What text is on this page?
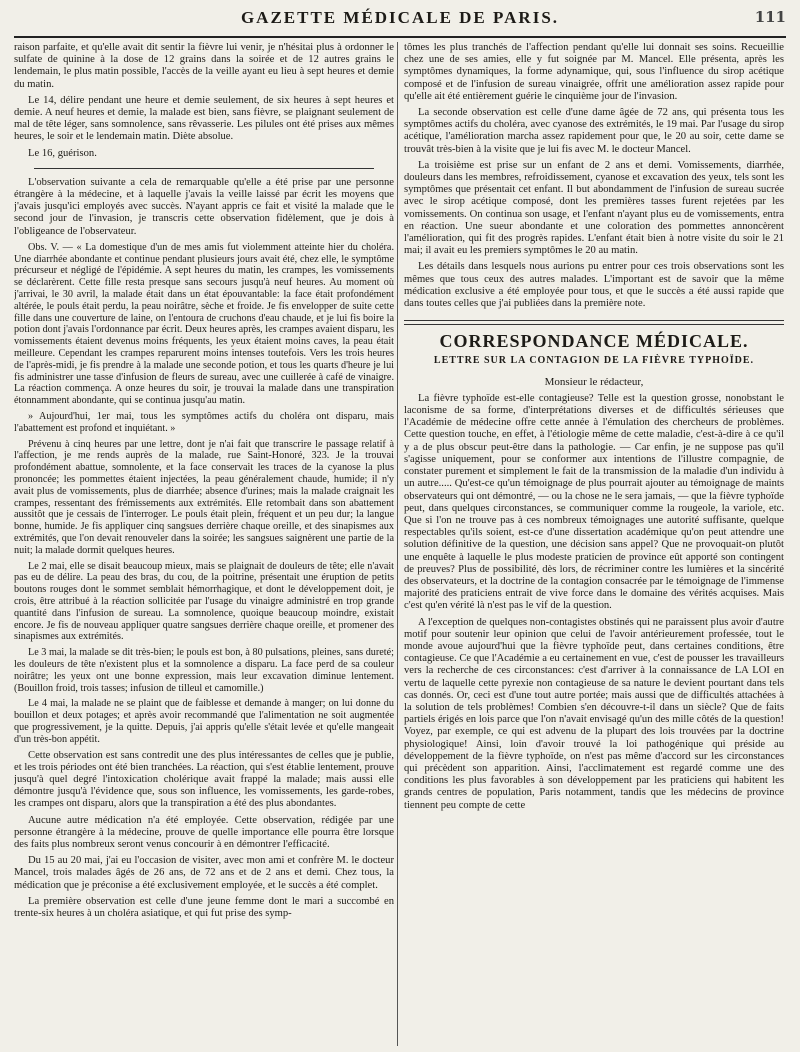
GAZETTE MÉDICALE DE PARIS.	111

raison parfaite, et qu'elle avait dit sentir la fièvre lui venir, je n'hésitai plus à ordonner le sulfate de quinine à la dose de 12 grains dans la soirée et de 12 autres grains le lendemain, le plus matin possible, l'accès de la veille ayant eu lieu à sept heures et demie du matin.

Le 14, délire pendant une heure et demie seulement, de six heures à sept heures et demie. A neuf heures et demie, la malade est bien, sans fièvre, se plaignant seulement de mal de tête léger, sans somnolence, sans rêvasserie. Les pilules ont été prises aux mêmes heures, le soir et le lendemain matin. Diète absolue.

Le 16, guérison.

L'observation suivante a cela de remarquable qu'elle a été prise par une personne étrangère à la médecine, et à laquelle j'avais la veille laissé par écrit les moyens que j'avais jusqu'ici employés avec succès. N'ayant appris ce fait et visité la malade que le second jour de l'invasion, je transcris cette observation fidèlement, que je dois à l'obligeance de l'observateur.

Obs. V. — « La domestique d'un de mes amis fut violemment atteinte hier du choléra. Une diarrhée abondante et continue pendant plusieurs jours avait été, chez elle, le symptôme précurseur et négligé de l'épidémie. A sept heures du matin, les crampes, les vomissements se déclarèrent. Cette fille resta presque sans secours jusqu'à neuf heures. Au moment où j'arrivai, le 30 avril, la malade était dans un état épouvantable: la face était profondément altérée, le pouls était perdu, la peau noirâtre, sèche et froide. Je fis envelopper de suite cette fille dans une couverture de laine, on l'entoura de cruchons d'eau chaude, et je lui fis boire la potion dont j'avais l'ordonnance par écrit. Deux heures après, les crampes avaient disparu, les vomissements étaient devenus moins fréquents, les yeux étaient moins caves, la peau était meilleure. Cependant les crampes reparurent moins intenses toutefois. Vers les trois heures de l'après-midi, je fis prendre à la malade une seconde potion, et tous les quarts d'heure je lui fis administrer une tasse d'infusion de fleurs de sureau, avec une cuillerée à café de vinaigre. La réaction commença. A onze heures du soir, je trouvai la malade dans une transpiration étonnamment abondante, qui se continua jusqu'au matin.

» Aujourd'hui, 1er mai, tous les symptômes actifs du choléra ont disparu, mais l'abattement est profond et inquiétant. »

Prévenu à cinq heures par une lettre, dont je n'ai fait que transcrire le passage relatif à l'affection, je me rends auprès de la malade, rue Saint-Honoré, 323. Je la trouvai profondément abattue, somnolente, et la face conservait les traces de la cyanose la plus prononcée; les pommettes étaient injectées, la peau généralement chaude, humide; il n'y avait plus de vomissements, plus de diarrhée; absence d'urines; mais la malade craignait les crampes, ressentant des frémissements aux extrémités. Elle retombait dans son abattement aussitôt que je cessais de l'interroger. Le pouls était plein, fréquent et un peu dur; la langue bonne, humide. Je fis appliquer cinq sangsues derrière chaque oreille, et des sinapismes aux extrémités, que l'on devait renouveler dans la soirée; les sangsues saignèrent une partie de la nuit; la malade dormit quelques heures.

Le 2 mai, elle se disait beaucoup mieux, mais se plaignait de douleurs de tête; elle n'avait pas eu de délire. La peau des bras, du cou, de la poitrine, présentait une éruption de petits boutons rouges dont le sommet semblait hémorrhagique, et dont le développement doit, je crois, être attribué à la réaction sollicitée par l'usage du vinaigre administré en trop grande quantité dans l'infusion de sureau. La somnolence, quoique beaucoup moindre, existait encore. Je fis de nouveau appliquer quatre sangsues derrière chaque oreille, et promener des sinapismes aux extrémités.

Le 3 mai, la malade se dit très-bien; le pouls est bon, à 80 pulsations, pleines, sans dureté; les douleurs de tête n'existent plus et la somnolence a disparu. La face perd de sa couleur noirâtre; les yeux ont une bonne expression, mais leur excavation diminue lentement. (Bouillon froid, trois tasses; infusion de tilleul et camomille.)

Le 4 mai, la malade ne se plaint que de faiblesse et demande à manger; on lui donne du bouillon et deux potages; et après avoir recommandé que l'alimentation ne soit augmentée que progressivement, je la quitte. Depuis, j'ai appris qu'elle s'était levée et qu'elle mangeait d'un très-bon appétit.

Cette observation est sans contredit une des plus intéressantes de celles que je publie, et les trois périodes ont été bien tranchées. La réaction, qui s'est établie lentement, prouve jusqu'à quel degré l'intoxication cholérique avait frappé la malade; mais aussi elle démontre jusqu'à l'évidence que, sous son influence, les vomissements, les garde-robes, les crampes ont disparu, alors que la transpiration a été des plus abondantes.

Aucune autre médication n'a été employée. Cette observation, rédigée par une personne étrangère à la médecine, prouve de quelle importance elle pourra être lorsque des faits plus nombreux seront venus concourir à en démontrer l'efficacité.

Du 15 au 20 mai, j'ai eu l'occasion de visiter, avec mon ami et confrère M. le docteur Mancel, trois malades âgés de 26 ans, de 72 ans et de 2 ans et demi. Chez tous, la médication que je préconise a été exclusivement employée, et le succès a été complet.

La première observation est celle d'une jeune femme dont le mari a succombé en trente-six heures à un choléra asiatique, et qui fut prise des symp-

tômes les plus tranchés de l'affection pendant qu'elle lui donnait ses soins. Recueillie chez une de ses amies, elle y fut soignée par M. Mancel. Elle présenta, après les symptômes dynamiques, la forme adynamique, qui, sous l'influence du sirop acétique composé et de l'infusion de sureau vinaigrée, offrit une amélioration assez rapide pour qu'elle ait été entièrement guérie le cinquième jour de l'invasion.

La seconde observation est celle d'une dame âgée de 72 ans, qui présenta tous les symptômes actifs du choléra, avec cyanose des extrémités, le 19 mai. Par l'usage du sirop acétique, l'amélioration marcha assez rapidement pour que, le 20 au soir, cette dame se trouvât très-bien à la visite que je lui fis avec M. le docteur Mancel.

La troisième est prise sur un enfant de 2 ans et demi. Vomissements, diarrhée, douleurs dans les membres, refroidissement, cyanose et excavation des yeux, tels sont les symptômes que présentait cet enfant. Il but abondamment de l'infusion de sureau sucrée avec le sirop acétique composé, dont les premières tasses furent rejetées par les vomissements. On continua son usage, et l'enfant n'ayant plus eu de vomissements, entra en réaction. Une sueur abondante et une coloration des pommettes annoncèrent l'amélioration, qui fit des progrès rapides. L'enfant était bien à notre visite du soir le 21 mai; il avait eu les premiers symptômes le 20 au matin.

Les détails dans lesquels nous aurions pu entrer pour ces trois observations sont les mêmes que tous ceux des autres malades. L'important est de savoir que la même médication exclusive a été employée pour tous, et que le succès a été aussi rapide que dans toutes celles que j'ai publiées dans la première note.

CORRESPONDANCE MÉDICALE.
LETTRE SUR LA CONTAGION DE LA FIÈVRE TYPHOÏDE.
Monsieur le rédacteur,

La fièvre typhoïde est-elle contagieuse? Telle est la question grosse, nonobstant le laconisme de sa forme, d'interprétations diverses et de difficultés sérieuses que l'Académie de médecine offre cette année à l'émulation des chercheurs de problèmes. Cette question touche, en effet, à l'étiologie même de cette maladie, c'est-à-dire à ce qu'il y a de plus obscur peut-être dans la pathologie. — Car enfin, je ne suppose pas qu'il s'agisse uniquement, pour se conformer aux intentions de l'illustre compagnie, de constater purement et simplement le fait de la transmission de la maladie d'un individu à un autre..... Qu'est-ce qu'un témoignage de plus pourrait ajouter au témoignage de maints observateurs qui ont démontré, — ou la chose ne le sera jamais, — que la fièvre typhoïde peut, dans quelques circonstances, se communiquer comme la rougeole, la variole, etc. Que si l'on ne trouve pas à ces nombreux témoignages une autorité suffisante, quelque respectables qu'ils soient, est-ce d'une dissertation académique qu'on peut attendre une solution définitive de la question, une décision sans appel? Que ne provoquait-on plutôt une enquête à laquelle le plus modeste praticien de province eût apporté son contingent de preuves? Plus de possibilité, dès lors, de récriminer contre les lumières et la sincérité des observateurs, et la doctrine de la contagion consacrée par le témoignage de l'immense majorité des praticiens entrait de vive force dans le domaine des vérités acquises. Mais c'est qu'en vérité là n'est pas le vif de la question.

A l'exception de quelques non-contagistes obstinés qui ne paraissent plus avoir d'autre motif pour soutenir leur opinion que celui de l'avoir antérieurement professée, tout le monde avoue aujourd'hui que la fièvre typhoïde peut, dans certaines conditions, être contagieuse. Ce que l'Académie a eu certainement en vue, c'est de pousser les travailleurs vers la recherche de ces circonstances: c'est d'arriver à la connaissance de LA LOI en vertu de laquelle cette pyrexie non contagieuse de sa nature le devient pourtant dans tels cas donnés. Or, ceci est d'une tout autre portée; mais aussi que de difficultés attachées à la solution de tels problèmes! Combien s'en découvre-t-il dans un siècle? Que de faits partiels érigés en lois parce que l'on n'avait envisagé qu'un des mille côtés de la question! Voyez, par exemple, ce qui est advenu de la plupart des lois trouvées par la doctrine physiologique! Ainsi, loin d'avoir trouvé la loi pathogénique qui préside au développement de la fièvre typhoïde, on n'est pas même d'accord sur les circonstances qui précèdent son apparition. Ainsi, l'acclimatement est regardé comme une des conditions les plus favorables à son développement par les praticiens qui habitent les grands centres de population, Paris notamment, tandis que les médecins de province tiennent peu compte de cette
